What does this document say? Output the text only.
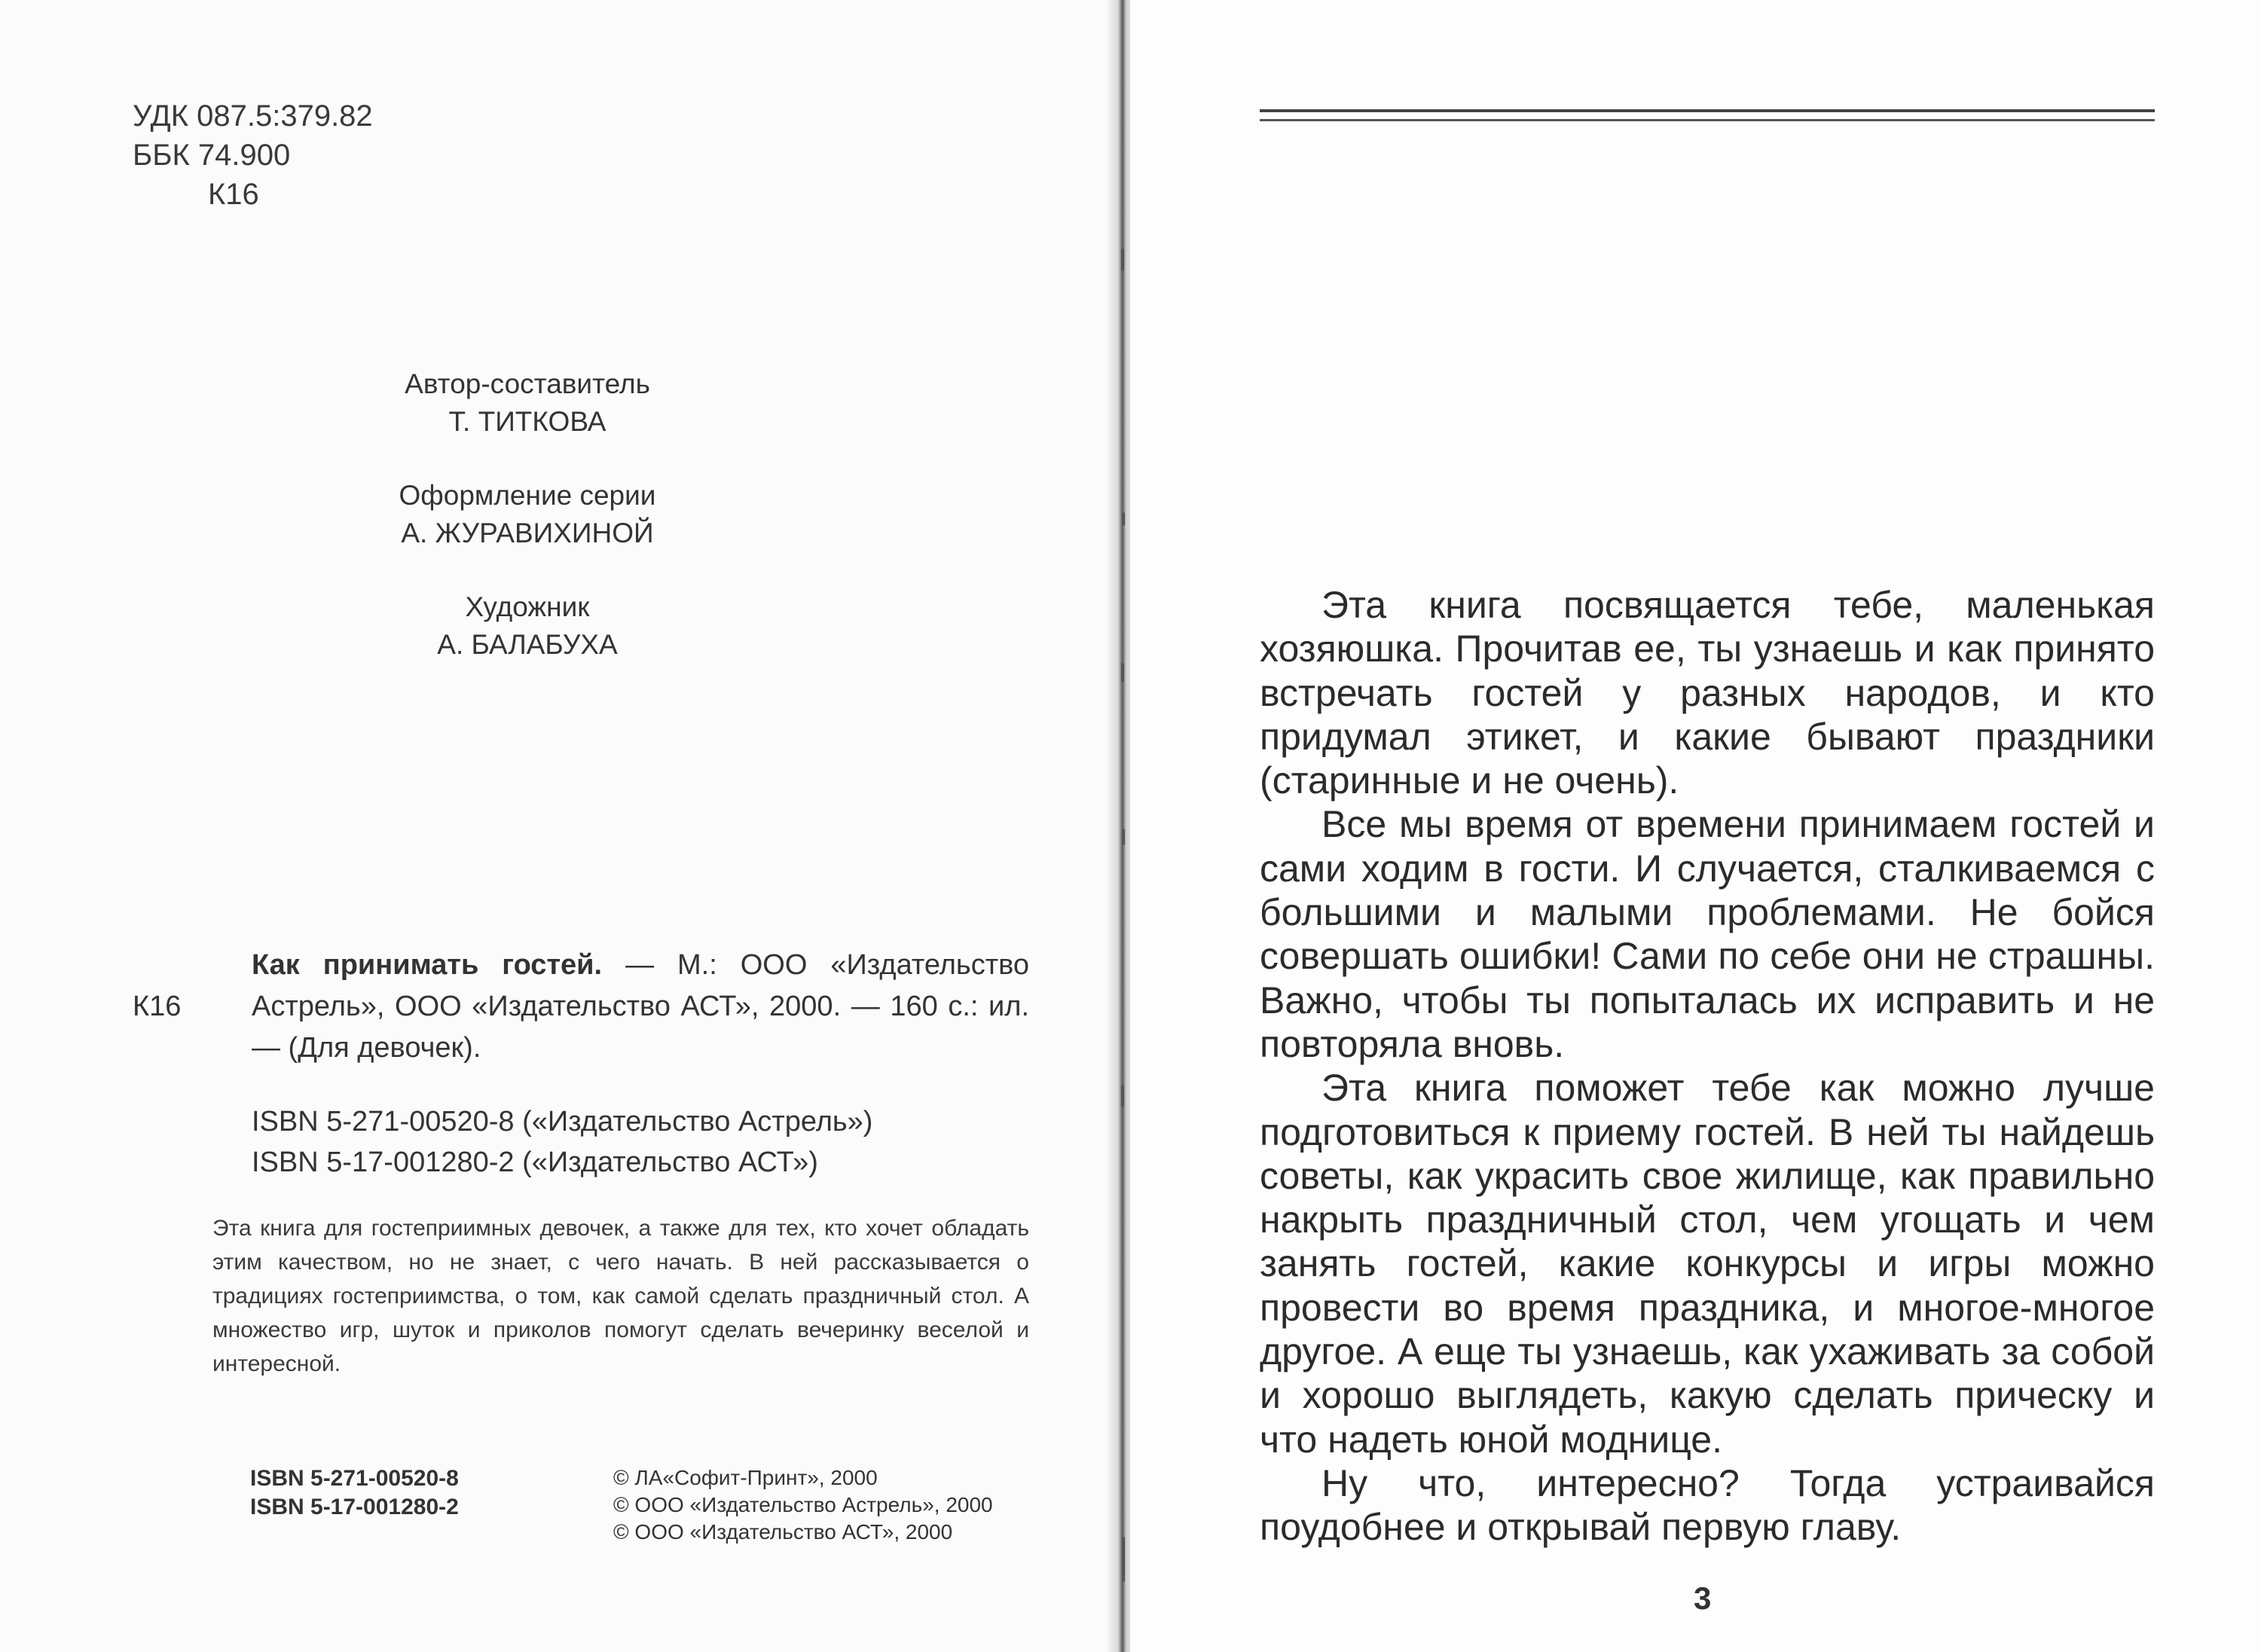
⠀
УДК 087.5:379.82
ББК 74.900
К16
Автор-составитель
Т. ТИТКОВА
Оформление серии
А. ЖУРАВИХИНОЙ
Художник
А. БАЛАБУХА
К16
Как принимать гостей. — М.: ООО «Издательство Астрель», ООО «Издательство АСТ», 2000. — 160 с.: ил. — (Для девочек).
ISBN 5-271-00520-8 («Издательство Астрель»)
ISBN 5-17-001280-2 («Издательство АСТ»)
Эта книга для гостеприимных девочек, а также для тех, кто хочет обладать этим качеством, но не знает, с чего начать. В ней рассказывается о традициях гостеприимства, о том, как самой сделать праздничный стол. А множество игр, шуток и приколов помогут сделать вечеринку веселой и интересной.
ISBN 5-271-00520-8
ISBN 5-17-001280-2
© ЛА«Софит-Принт», 2000
© ООО «Издательство Астрель», 2000
© ООО «Издательство АСТ», 2000

Эта книга посвящается тебе, маленькая хозяюшка. Прочитав ее, ты узнаешь и как принято встречать гостей у разных народов, и кто придумал этикет, и какие бывают праздники (старинные и не очень).

Все мы время от времени принимаем гостей и сами ходим в гости. И случается, сталкиваемся с большими и малыми проблемами. Не бойся совершать ошибки! Сами по себе они не страшны. Важно, чтобы ты попыталась их исправить и не повторяла вновь.

Эта книга поможет тебе как можно лучше подготовиться к приему гостей. В ней ты найдешь советы, как украсить свое жилище, как правильно накрыть праздничный стол, чем угощать и чем занять гостей, какие конкурсы и игры можно провести во время праздника, и многое-многое другое. А еще ты узнаешь, как ухаживать за собой и хорошо выглядеть, какую сделать прическу и что надеть юной моднице.

Ну что, интересно? Тогда устраивайся поудобнее и открывай первую главу.

3
